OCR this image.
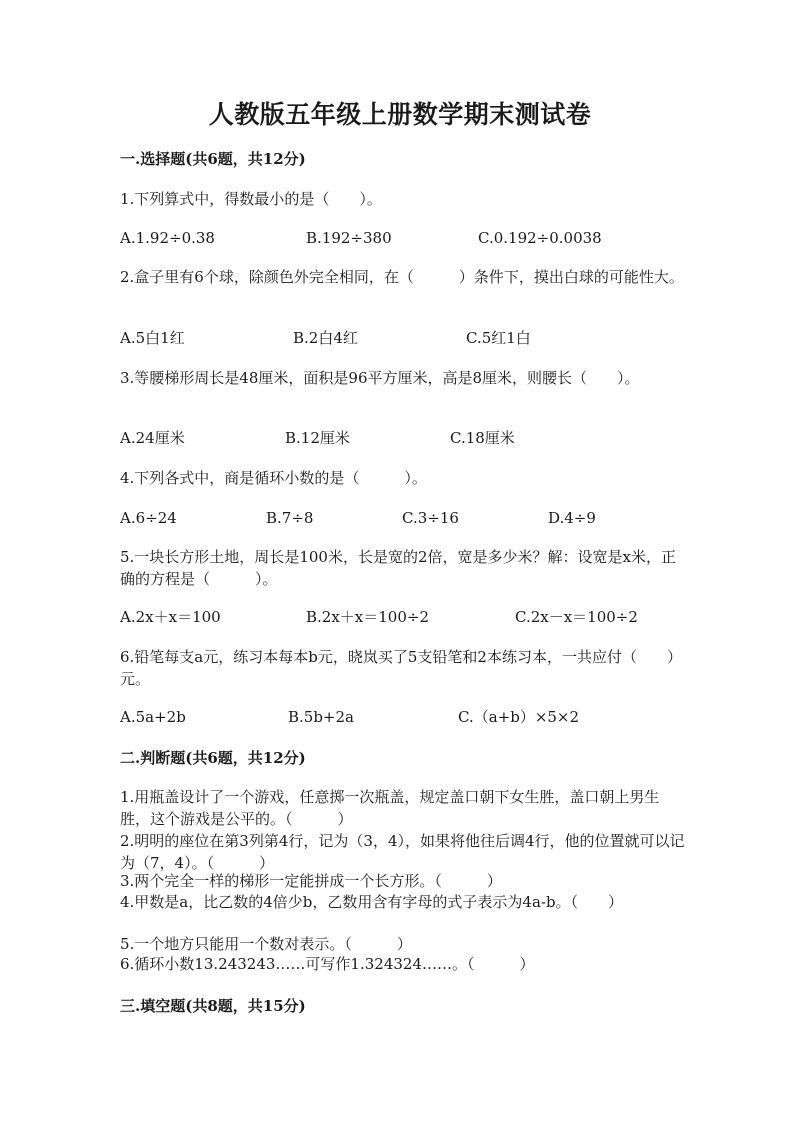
人教版五年级上册数学期末测试卷
一.选择题(共6题，共12分)
1.下列算式中，得数最小的是（　　）。
A.1.92÷0.38	B.192÷380	C.0.192÷0.0038
2.盒子里有6个球，除颜色外完全相同，在（　　　）条件下，摸出白球的可能性大。
A.5白1红	B.2白4红	C.5红1白
3.等腰梯形周长是48厘米，面积是96平方厘米，高是8厘米，则腰长（　　）。
A.24厘米	B.12厘米	C.18厘米
4.下列各式中，商是循环小数的是（　　　）。
A.6÷24	B.7÷8	C.3÷16	D.4÷9
5.一块长方形土地，周长是100米，长是宽的2倍，宽是多少米？解：设宽是x米，正确的方程是（　　　）。
A.2x＋x＝100	B.2x＋x＝100÷2	C.2x－x＝100÷2
6.铅笔每支a元，练习本每本b元，晓岚买了5支铅笔和2本练习本，一共应付（　　）元。
A.5a+2b	B.5b+2a	C.（a+b）×5×2
二.判断题(共6题，共12分)
1.用瓶盖设计了一个游戏，任意掷一次瓶盖，规定盖口朝下女生胜，盖口朝上男生胜，这个游戏是公平的。（　　　）
2.明明的座位在第3列第4行，记为（3，4），如果将他往后调4行，他的位置就可以记为（7，4）。（　　　）
3.两个完全一样的梯形一定能拼成一个长方形。（　　　）
4.甲数是a，比乙数的4倍少b，乙数用含有字母的式子表示为4a-b。（　　）
5.一个地方只能用一个数对表示。（　　　）
6.循环小数13.243243……可写作1.324324……。（　　　）
三.填空题(共8题，共15分)
